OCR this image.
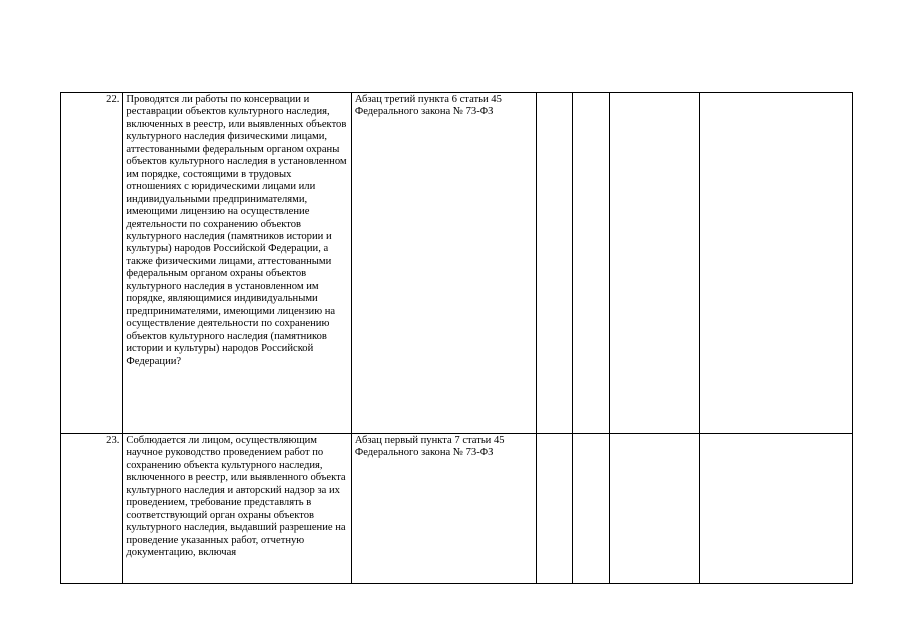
22.	Проводятся ли работы по консервации и реставрации объектов культурного наследия, включенных в реестр, или выявленных объектов культурного наследия физическими лицами, аттестованными федеральным органом охраны объектов культурного наследия в установленном им порядке, состоящими в трудовых отношениях с юридическими лицами или индивидуальными предпринимателями, имеющими лицензию на осуществление деятельности по сохранению объектов культурного наследия (памятников истории и культуры) народов Российской Федерации, а также физическими лицами, аттестованными федеральным органом охраны объектов культурного наследия в установленном им порядке, являющимися индивидуальными предпринимателями, имеющими лицензию на осуществление деятельности по сохранению объектов культурного наследия (памятников истории и культуры) народов Российской Федерации?	Абзац третий пункта 6 статьи 45 Федерального закона № 73-ФЗ				

23.	Соблюдается ли лицом, осуществляющим научное руководство проведением работ по сохранению объекта культурного наследия, включенного в реестр, или выявленного объекта культурного наследия и авторский надзор за их проведением, требование представлять в соответствующий орган охраны объектов культурного наследия, выдавший разрешение на проведение указанных работ, отчетную документацию, включая	Абзац первый пункта 7 статьи 45 Федерального закона № 73-ФЗ				
